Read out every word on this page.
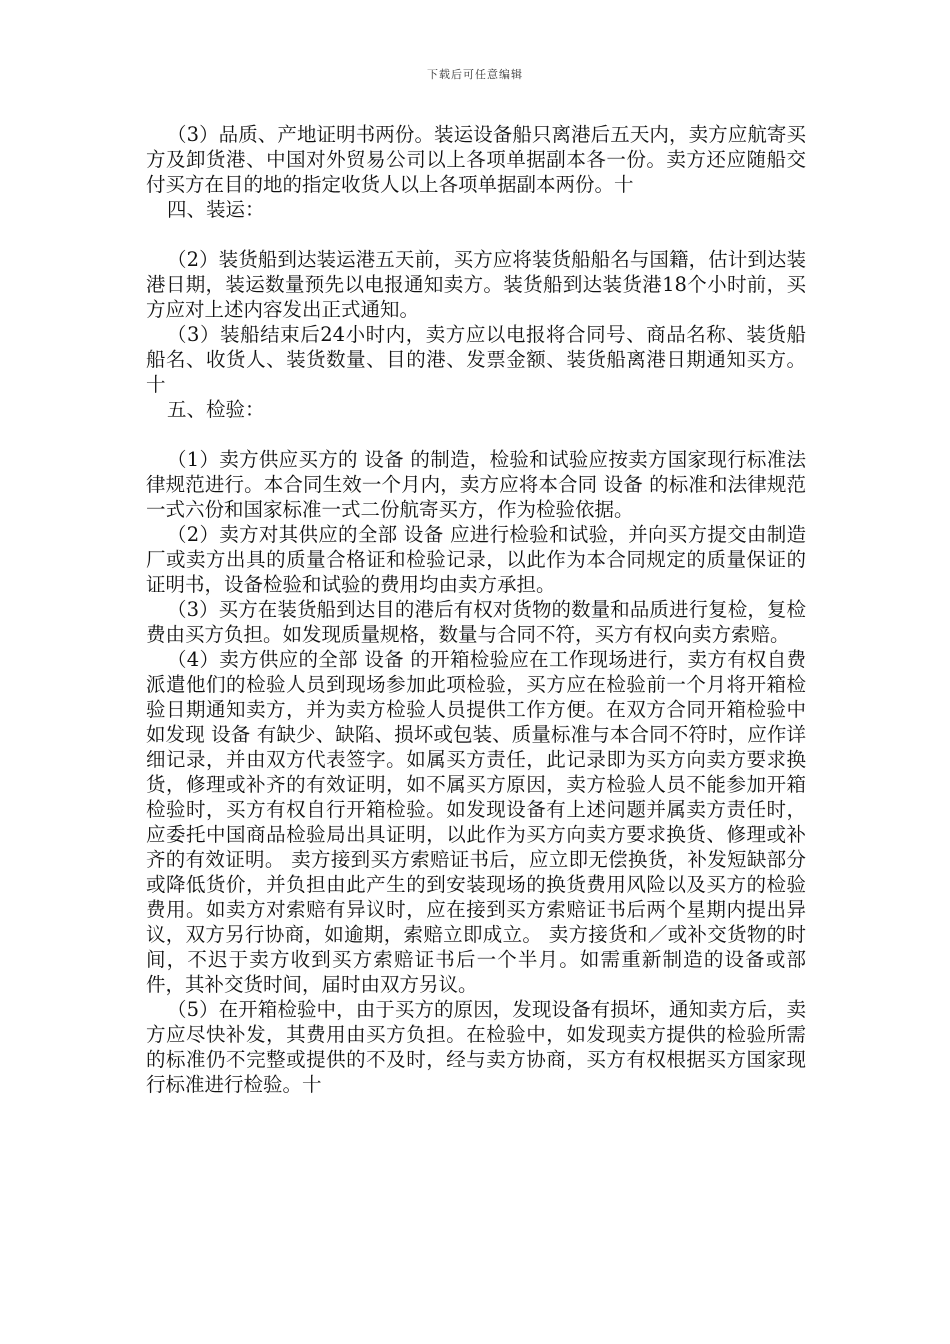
下载后可任意编辑

（3）品质、产地证明书两份。装运设备船只离港后五天内，卖方应航寄买方及卸货港、中国对外贸易公司以上各项单据副本各一份。卖方还应随船交付买方在目的地的指定收货人以上各项单据副本两份。十

四、装运：

（2）装货船到达装运港五天前，买方应将装货船船名与国籍，估计到达装港日期，装运数量预先以电报通知卖方。装货船到达装货港18个小时前，买方应对上述内容发出正式通知。

（3）装船结束后24小时内，卖方应以电报将合同号、商品名称、装货船船名、收货人、装货数量、目的港、发票金额、装货船离港日期通知买方。十

五、检验：

（1）卖方供应买方的 设备 的制造，检验和试验应按卖方国家现行标准法律规范进行。本合同生效一个月内，卖方应将本合同 设备 的标准和法律规范一式六份和国家标准一式二份航寄买方，作为检验依据。

（2）卖方对其供应的全部 设备 应进行检验和试验，并向买方提交由制造厂或卖方出具的质量合格证和检验记录，以此作为本合同规定的质量保证的证明书，设备检验和试验的费用均由卖方承担。

（3）买方在装货船到达目的港后有权对货物的数量和品质进行复检，复检费由买方负担。如发现质量规格，数量与合同不符，买方有权向卖方索赔。

（4）卖方供应的全部 设备 的开箱检验应在工作现场进行，卖方有权自费派遣他们的检验人员到现场参加此项检验，买方应在检验前一个月将开箱检验日期通知卖方，并为卖方检验人员提供工作方便。在双方合同开箱检验中如发现 设备 有缺少、缺陷、损坏或包装、质量标准与本合同不符时，应作详细记录，并由双方代表签字。如属买方责任，此记录即为买方向卖方要求换货，修理或补齐的有效证明，如不属买方原因，卖方检验人员不能参加开箱检验时，买方有权自行开箱检验。如发现设备有上述问题并属卖方责任时，应委托中国商品检验局出具证明，以此作为买方向卖方要求换货、修理或补齐的有效证明。 卖方接到买方索赔证书后，应立即无偿换货，补发短缺部分或降低货价，并负担由此产生的到安装现场的换货费用风险以及买方的检验费用。如卖方对索赔有异议时，应在接到买方索赔证书后两个星期内提出异议，双方另行协商，如逾期，索赔立即成立。 卖方接货和／或补交货物的时间，不迟于卖方收到买方索赔证书后一个半月。如需重新制造的设备或部件，其补交货时间，届时由双方另议。

（5）在开箱检验中，由于买方的原因，发现设备有损坏，通知卖方后，卖方应尽快补发，其费用由买方负担。在检验中，如发现卖方提供的检验所需的标准仍不完整或提供的不及时，经与卖方协商，买方有权根据买方国家现行标准进行检验。十
